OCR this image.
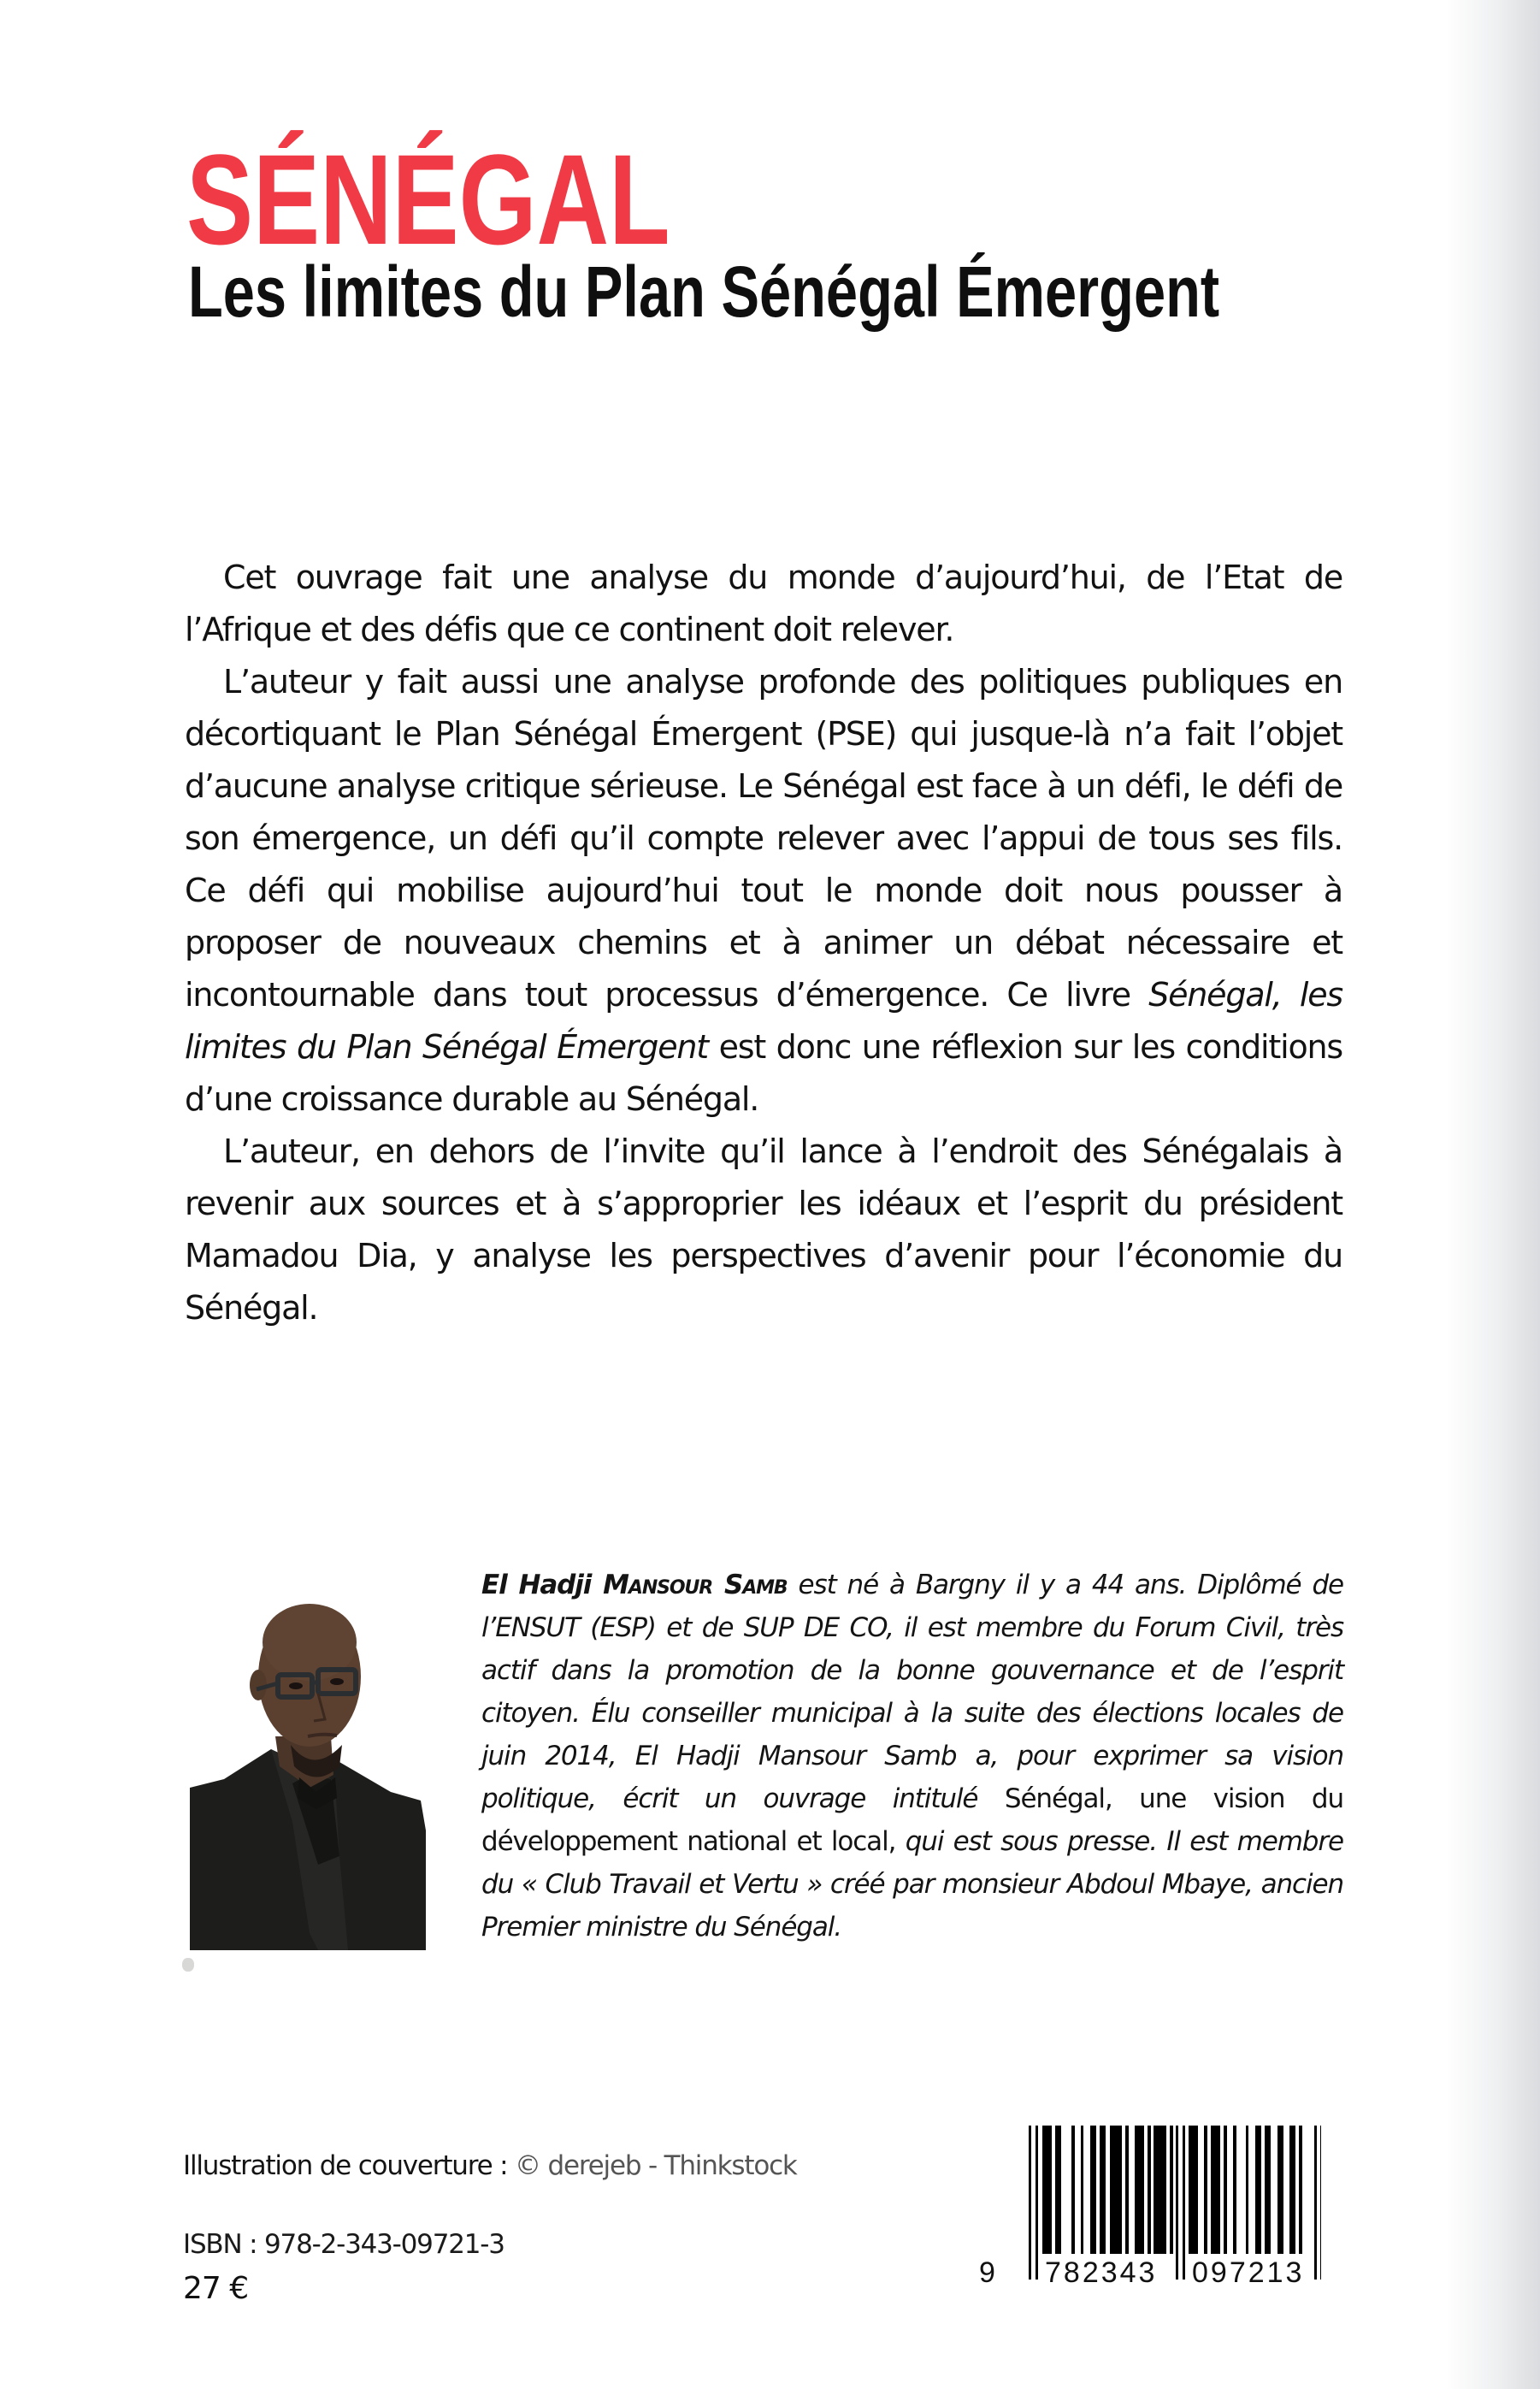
SÉNÉGAL
Les limites du Plan Sénégal Émergent

Cet ouvrage fait une analyse du monde d’aujourd’hui, de l’Etat de l’Afrique et des défis que ce continent doit relever.

L’auteur y fait aussi une analyse profonde des politiques publiques en décortiquant le Plan Sénégal Émergent (PSE) qui jusque-là n’a fait l’objet d’aucune analyse critique sérieuse. Le Sénégal est face à un défi, le défi de son émergence, un défi qu’il compte relever avec l’appui de tous ses fils. Ce défi qui mobilise aujourd’hui tout le monde doit nous pousser à proposer de nouveaux chemins et à animer un débat nécessaire et incontournable dans tout processus d’émergence. Ce livre Sénégal, les limites du Plan Sénégal Émergent est donc une réflexion sur les conditions d’une croissance durable au Sénégal.

L’auteur, en dehors de l’invite qu’il lance à l’endroit des Sénégalais à revenir aux sources et à s’approprier les idéaux et l’esprit du président Mamadou Dia, y analyse les perspectives d’avenir pour l’économie du Sénégal.

El Hadji Mansour Samb est né à Bargny il y a 44 ans. Diplômé de l’ENSUT (ESP) et de SUP DE CO, il est membre du Forum Civil, très actif dans la promotion de la bonne gouvernance et de l’esprit citoyen. Élu conseiller municipal à la suite des élections locales de juin 2014, El Hadji Mansour Samb a, pour exprimer sa vision politique, écrit un ouvrage intitulé Sénégal, une vision du développement national et local, qui est sous presse. Il est membre du « Club Travail et Vertu » créé par monsieur Abdoul Mbaye, ancien Premier ministre du Sénégal.
Illustration de couverture : © derejeb - Thinkstock
ISBN : 978-2-343-09721-3
27 €	9 782343 097213
